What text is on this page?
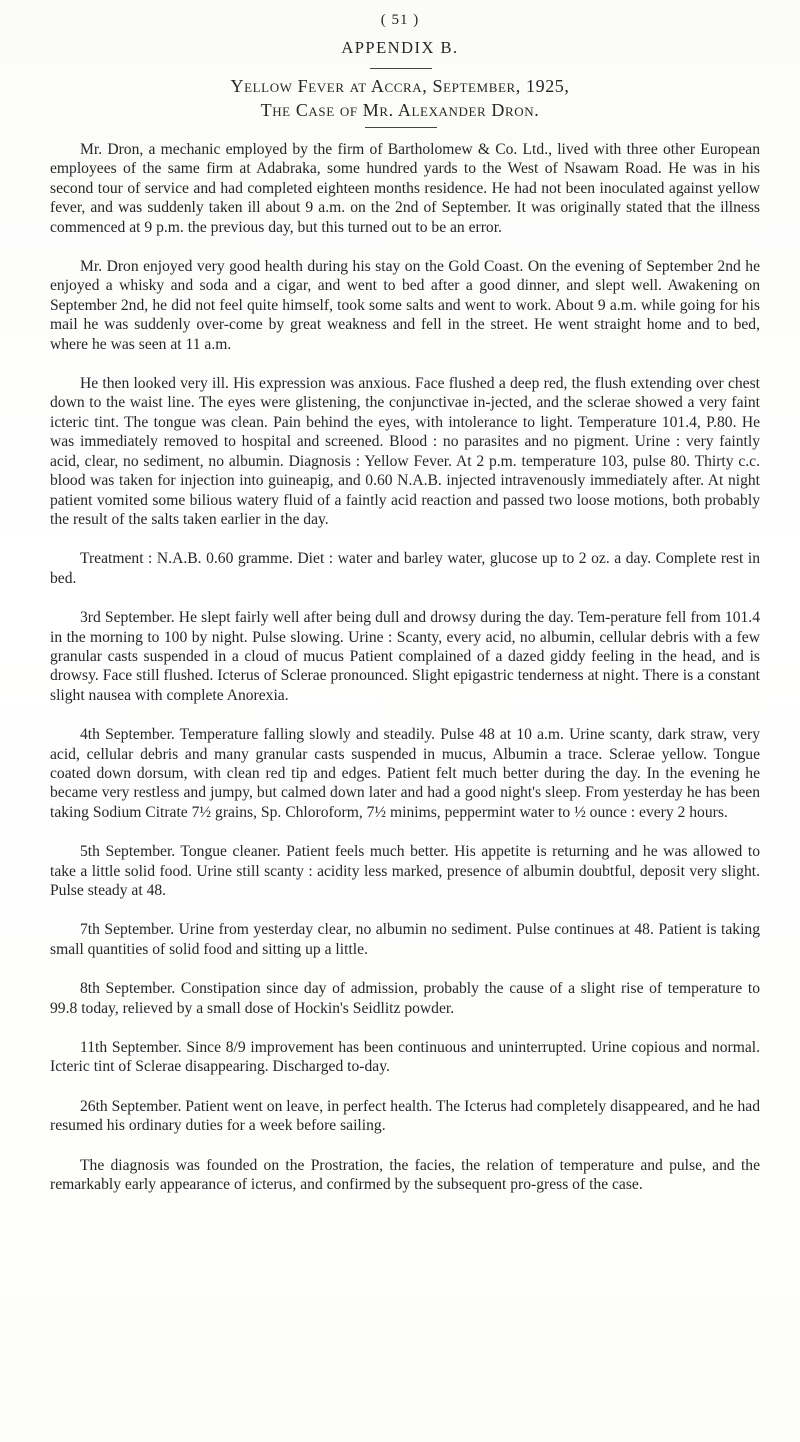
( 51 )
APPENDIX B.
Yellow Fever at Accra, September, 1925,
The Case of Mr. Alexander Dron.

Mr. Dron, a mechanic employed by the firm of Bartholomew & Co. Ltd., lived with three other European employees of the same firm at Adabraka, some hundred yards to the West of Nsawam Road. He was in his second tour of service and had completed eighteen months residence. He had not been inoculated against yellow fever, and was suddenly taken ill about 9 a.m. on the 2nd of September. It was originally stated that the illness commenced at 9 p.m. the previous day, but this turned out to be an error.

Mr. Dron enjoyed very good health during his stay on the Gold Coast. On the evening of September 2nd he enjoyed a whisky and soda and a cigar, and went to bed after a good dinner, and slept well. Awakening on September 2nd, he did not feel quite himself, took some salts and went to work. About 9 a.m. while going for his mail he was suddenly over-come by great weakness and fell in the street. He went straight home and to bed, where he was seen at 11 a.m.

He then looked very ill. His expression was anxious. Face flushed a deep red, the flush extending over chest down to the waist line. The eyes were glistening, the conjunctivae in-jected, and the sclerae showed a very faint icteric tint. The tongue was clean. Pain behind the eyes, with intolerance to light. Temperature 101.4, P.80. He was immediately removed to hospital and screened. Blood : no parasites and no pigment. Urine : very faintly acid, clear, no sediment, no albumin. Diagnosis : Yellow Fever. At 2 p.m. temperature 103, pulse 80. Thirty c.c. blood was taken for injection into guineapig, and 0.60 N.A.B. injected intravenously immediately after. At night patient vomited some bilious watery fluid of a faintly acid reaction and passed two loose motions, both probably the result of the salts taken earlier in the day.

Treatment : N.A.B. 0.60 gramme. Diet : water and barley water, glucose up to 2 oz. a day. Complete rest in bed.

3rd September. He slept fairly well after being dull and drowsy during the day. Tem-perature fell from 101.4 in the morning to 100 by night. Pulse slowing. Urine : Scanty, every acid, no albumin, cellular debris with a few granular casts suspended in a cloud of mucus Patient complained of a dazed giddy feeling in the head, and is drowsy. Face still flushed. Icterus of Sclerae pronounced. Slight epigastric tenderness at night. There is a constant slight nausea with complete Anorexia.

4th September. Temperature falling slowly and steadily. Pulse 48 at 10 a.m. Urine scanty, dark straw, very acid, cellular debris and many granular casts suspended in mucus, Albumin a trace. Sclerae yellow. Tongue coated down dorsum, with clean red tip and edges. Patient felt much better during the day. In the evening he became very restless and jumpy, but calmed down later and had a good night's sleep. From yesterday he has been taking Sodium Citrate 7½ grains, Sp. Chloroform, 7½ minims, peppermint water to ½ ounce : every 2 hours.

5th September. Tongue cleaner. Patient feels much better. His appetite is returning and he was allowed to take a little solid food. Urine still scanty : acidity less marked, presence of albumin doubtful, deposit very slight. Pulse steady at 48.

7th September. Urine from yesterday clear, no albumin no sediment. Pulse continues at 48. Patient is taking small quantities of solid food and sitting up a little.

8th September. Constipation since day of admission, probably the cause of a slight rise of temperature to 99.8 today, relieved by a small dose of Hockin's Seidlitz powder.

11th September. Since 8/9 improvement has been continuous and uninterrupted. Urine copious and normal. Icteric tint of Sclerae disappearing. Discharged to-day.

26th September. Patient went on leave, in perfect health. The Icterus had completely disappeared, and he had resumed his ordinary duties for a week before sailing.

The diagnosis was founded on the Prostration, the facies, the relation of temperature and pulse, and the remarkably early appearance of icterus, and confirmed by the subsequent pro-gress of the case.
